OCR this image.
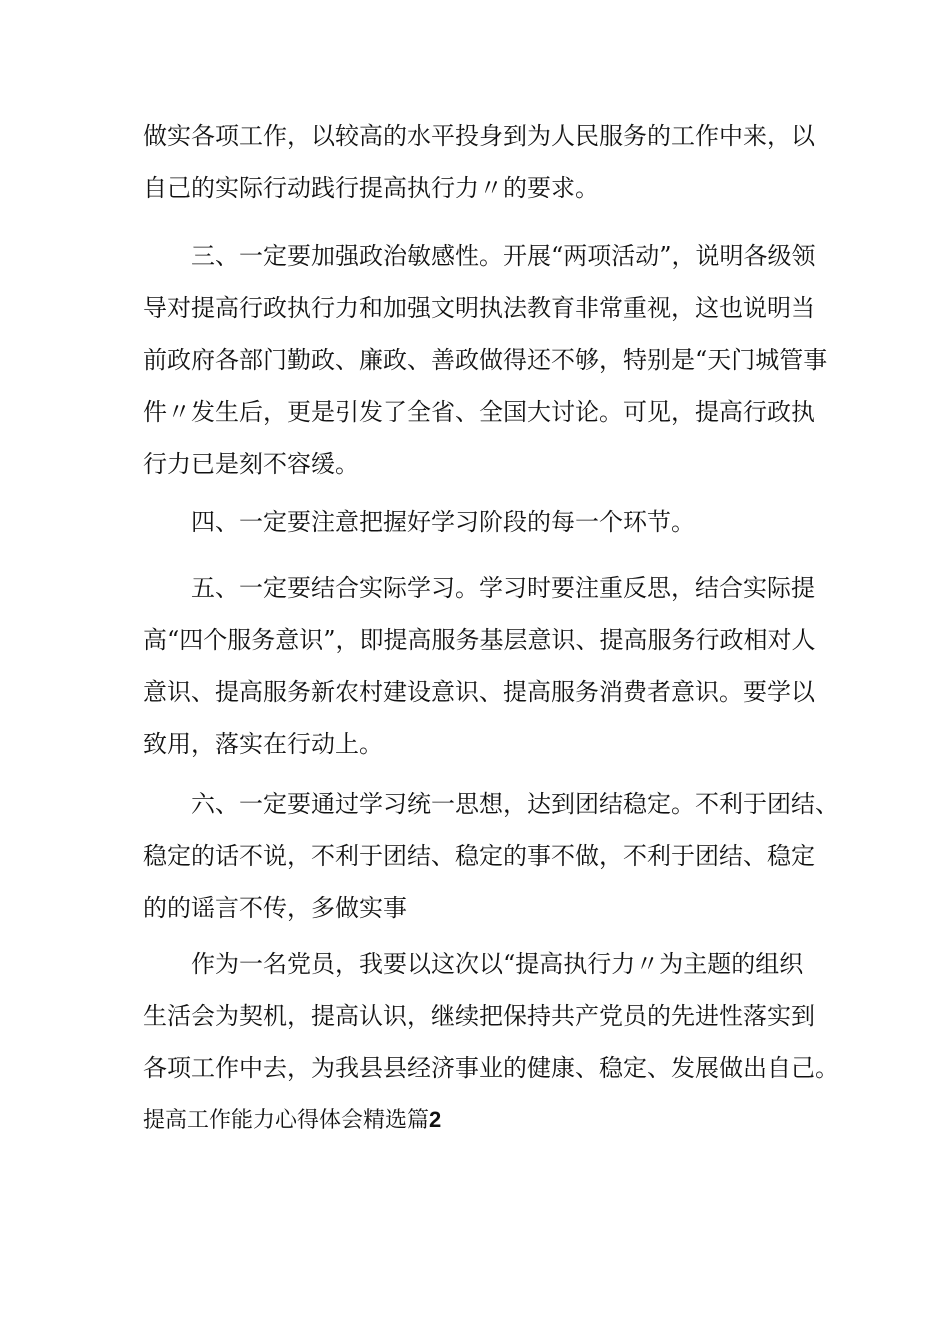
做实各项工作，以较高的水平投身到为人民服务的工作中来，以
自己的实际行动践行提高执行力〃的要求。
三、一定要加强政治敏感性。开展“两项活动”，说明各级领
导对提高行政执行力和加强文明执法教育非常重视，这也说明当
前政府各部门勤政、廉政、善政做得还不够，特别是“天门城管事
件〃发生后，更是引发了全省、全国大讨论。可见，提高行政执
行力已是刻不容缓。
四、一定要注意把握好学习阶段的每一个环节。
五、一定要结合实际学习。学习时要注重反思，结合实际提
高“四个服务意识”，即提高服务基层意识、提高服务行政相对人
意识、提高服务新农村建设意识、提高服务消费者意识。要学以
致用，落实在行动上。
六、一定要通过学习统一思想，达到团结稳定。不利于团结、
稳定的话不说，不利于团结、稳定的事不做，不利于团结、稳定
的的谣言不传，多做实事
作为一名党员，我要以这次以“提高执行力〃为主题的组织
生活会为契机，提高认识，继续把保持共产党员的先进性落实到
各项工作中去，为我县县经济事业的健康、稳定、发展做出自己。
提高工作能力心得体会精选篇2
